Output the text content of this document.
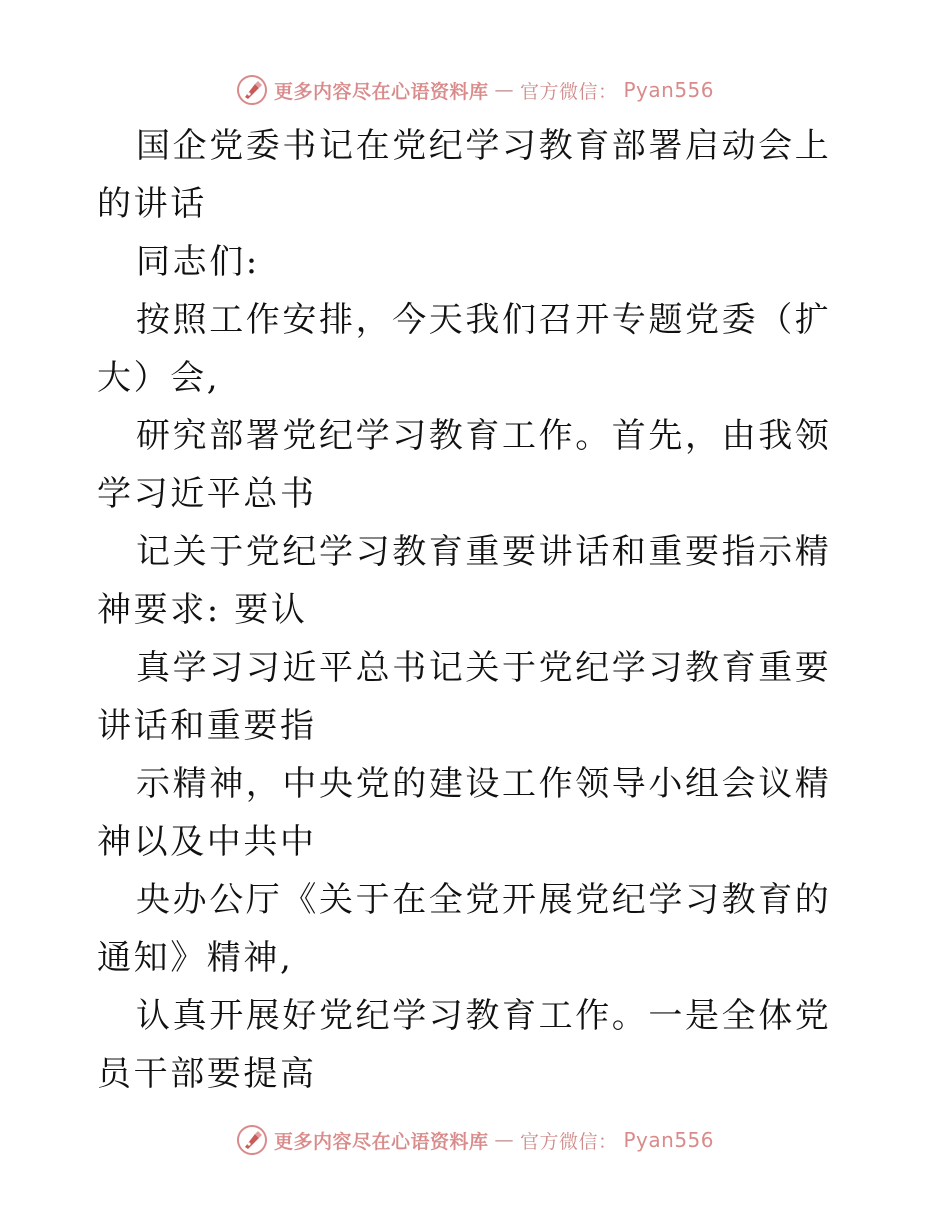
更多内容尽在心语资料库 — 官方微信： Pyan556

国企党委书记在党纪学习教育部署启动会上的讲话

同志们:

按照工作安排，今天我们召开专题党委（扩大）会,

研究部署党纪学习教育工作。首先，由我领学习近平总书

记关于党纪学习教育重要讲话和重要指示精神要求: 要认

真学习习近平总书记关于党纪学习教育重要讲话和重要指

示精神，中央党的建设工作领导小组会议精神以及中共中

央办公厅《关于在全党开展党纪学习教育的通知》精神,

认真开展好党纪学习教育工作。一是全体党员干部要提高

更多内容尽在心语资料库 — 官方微信： Pyan556
